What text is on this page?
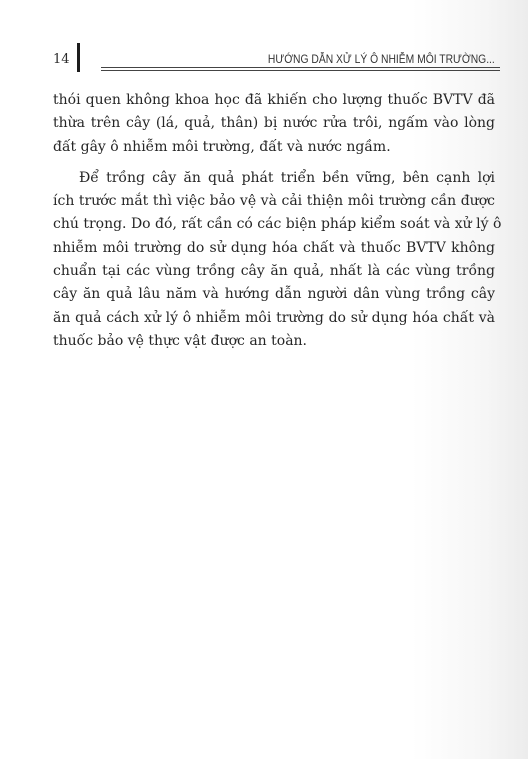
14	HƯỚNG DẪN XỬ LÝ Ô NHIỄM MÔI TRƯỜNG...

thói quen không khoa học đã khiến cho lượng thuốc BVTV đã
thừa trên cây (lá, quả, thân) bị nước rửa trôi, ngấm vào lòng
đất gây ô nhiễm môi trường, đất và nước ngầm.

Để trồng cây ăn quả phát triển bền vững, bên cạnh lợi
ích trước mắt thì việc bảo vệ và cải thiện môi trường cần được
chú trọng. Do đó, rất cần có các biện pháp kiểm soát và xử lý ô
nhiễm môi trường do sử dụng hóa chất và thuốc BVTV không
chuẩn tại các vùng trồng cây ăn quả, nhất là các vùng trồng
cây ăn quả lâu năm và hướng dẫn người dân vùng trồng cây
ăn quả cách xử lý ô nhiễm môi trường do sử dụng hóa chất và
thuốc bảo vệ thực vật được an toàn.
